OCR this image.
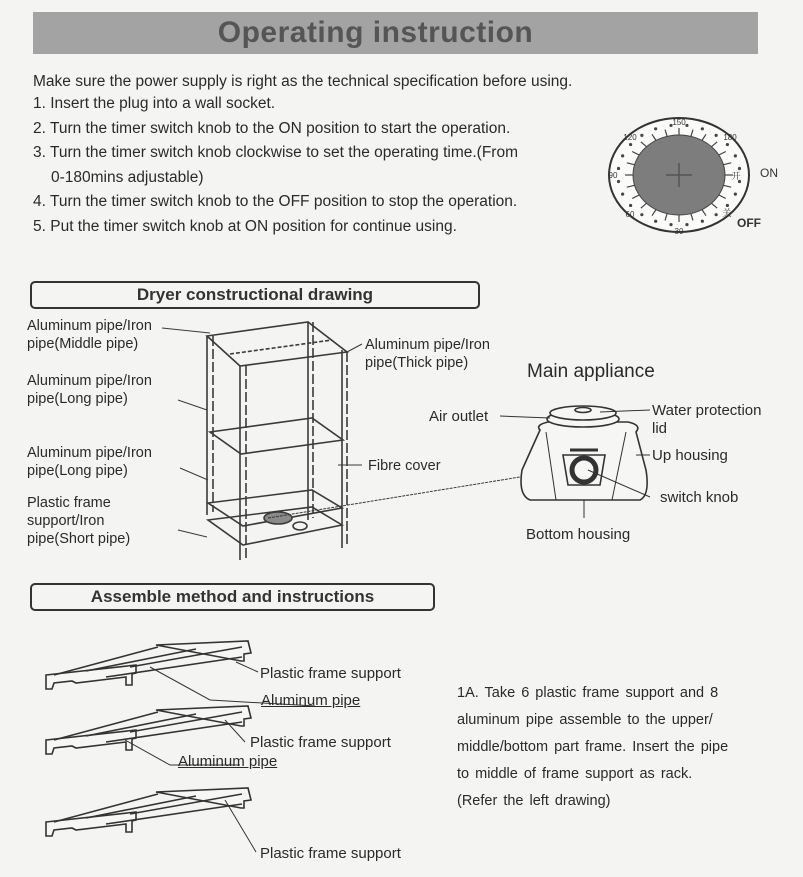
Operating instruction
Make sure the power supply is right as the technical specification before using.
1. Insert the plug into a wall socket.
2. Turn the timer switch knob to the ON position to start the operation.
3. Turn the timer switch knob clockwise to set the operating time.(From
0-180mins adjustable)
4. Turn the timer switch knob to the OFF position to stop the operation.
5. Put the timer switch knob at ON position for continue using.
150
120	180
90
60
30
开
关
ON
OFF
Dryer constructional drawing
Aluminum pipe/Iron
pipe(Middle pipe)	Aluminum pipe/Iron
pipe(Thick pipe)
Aluminum pipe/Iron
pipe(Long pipe)
Aluminum pipe/Iron
pipe(Long pipe)
Plastic frame
support/Iron
pipe(Short pipe)
Fibre cover
Main appliance
Air outlet	Water protection
lid
Up housing
switch knob
Bottom housing
Assemble method and instructions
Plastic frame support
Aluminum pipe
Plastic frame support
Aluminum pipe
Plastic frame support
1A. Take 6 plastic frame support and 8
aluminum pipe assemble to the upper/
middle/bottom part frame. Insert the pipe
to middle of frame support as rack.
(Refer the left drawing)
